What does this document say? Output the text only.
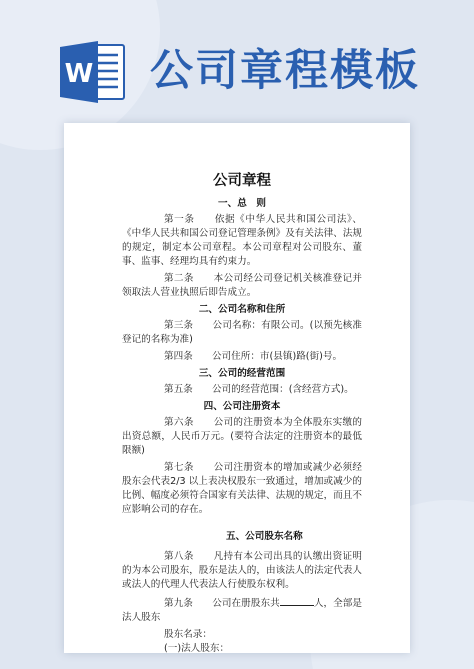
W 公司章程模板
公司章程
一、总　则

第一条　　依据《中华人民共和国公司法》、《中华人民共和国公司登记管理条例》及有关法律、法规的规定，制定本公司章程。本公司章程对公司股东、董事、监事、经理均具有约束力。

第二条　　本公司经公司登记机关核准登记并领取法人营业执照后即告成立。

二、公司名称和住所

第三条　　公司名称：有限公司。(以预先核准登记的名称为准)

第四条　　公司住所：市(县镇)路(街)号。

三、公司的经营范围

第五条　　公司的经营范围：(含经营方式)。

四、公司注册资本

第六条　　公司的注册资本为全体股东实缴的出资总额，人民币万元。(要符合法定的注册资本的最低限额)

第七条　　公司注册资本的增加或减少必须经股东会代表2/3 以上表决权股东一致通过，增加或减少的比例、幅度必须符合国家有关法律、法规的规定，而且不应影响公司的存在。

五、公司股东名称

第八条　　凡持有本公司出具的认缴出资证明的为本公司股东，股东是法人的，由该法人的法定代表人或法人的代理人代表法人行使股东权利。

第九条　　公司在册股东共	人，全部是法人股东

股东名录：

(一)法人股东：
